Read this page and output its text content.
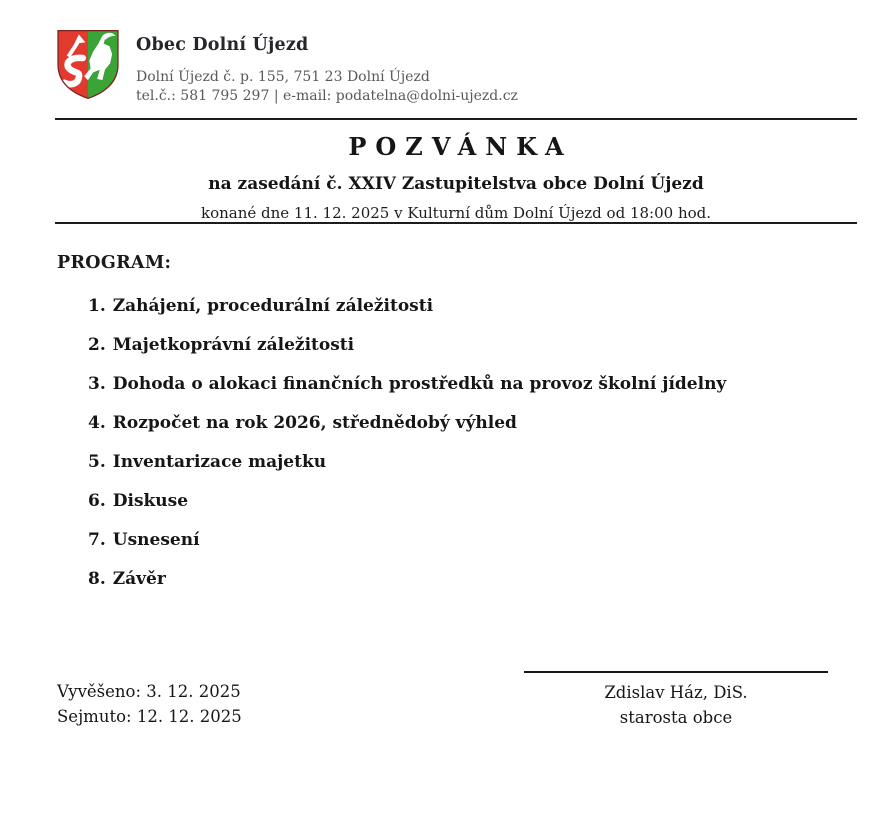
Obec Dolní Újezd
Dolní Újezd č. p. 155, 751 23 Dolní Újezd
tel.č.: 581 795 297 | e-mail: podatelna@dolni-ujezd.cz
POZVÁNKA
na zasedání č. XXIV Zastupitelstva obce Dolní Újezd

konané dne 11. 12. 2025 v Kulturní dům Dolní Újezd od 18:00 hod.

PROGRAM:
1. Zahájení, procedurální záležitosti
2. Majetkoprávní záležitosti
3. Dohoda o alokaci finančních prostředků na provoz školní jídelny
4. Rozpočet na rok 2026, střednědobý výhled
5. Inventarizace majetku
6. Diskuse
7. Usnesení
8. Závěr
Vyvěšeno: 3. 12. 2025
Sejmuto: 12. 12. 2025
Zdislav Ház, DiS.
starosta obce
